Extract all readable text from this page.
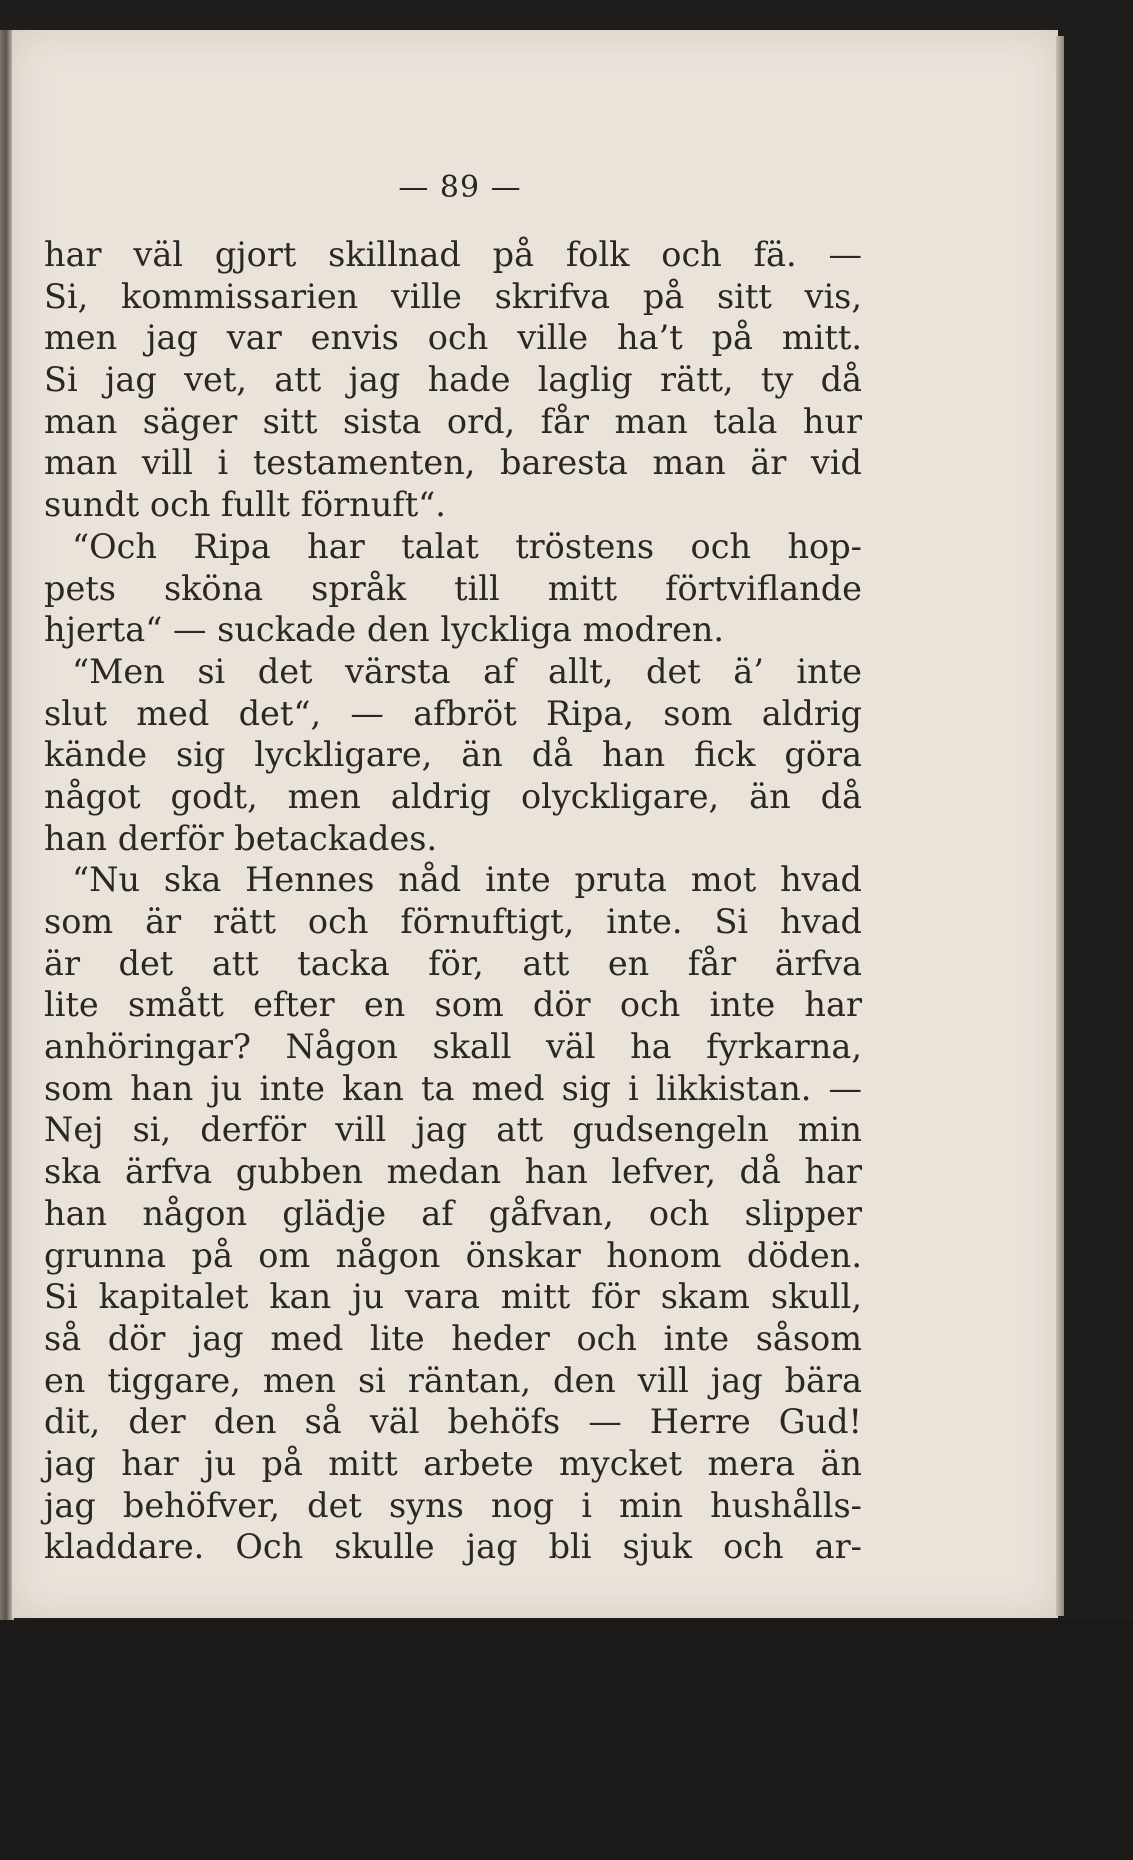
— 89 —
har väl gjort skillnad på folk och fä. —
Si, kommissarien ville skrifva på sitt vis,
men jag var envis och ville ha’t på mitt.
Si jag vet, att jag hade laglig rätt, ty då
man säger sitt sista ord, får man tala hur
man vill i testamenten, baresta man är vid
sundt och fullt förnuft“.
“Och Ripa har talat tröstens och hop-
pets sköna språk till mitt förtviflande
hjerta“ — suckade den lyckliga modren.
“Men si det värsta af allt, det ä’ inte
slut med det“, — afbröt Ripa, som aldrig
kände sig lyckligare, än då han fick göra
något godt, men aldrig olyckligare, än då
han derför betackades.
“Nu ska Hennes nåd inte pruta mot hvad
som är rätt och förnuftigt, inte. Si hvad
är det att tacka för, att en får ärfva
lite smått efter en som dör och inte har
anhöringar? Någon skall väl ha fyrkarna,
som han ju inte kan ta med sig i likkistan. —
Nej si, derför vill jag att gudsengeln min
ska ärfva gubben medan han lefver, då har
han någon glädje af gåfvan, och slipper
grunna på om någon önskar honom döden.
Si kapitalet kan ju vara mitt för skam skull,
så dör jag med lite heder och inte såsom
en tiggare, men si räntan, den vill jag bära
dit, der den så väl behöfs — Herre Gud!
jag har ju på mitt arbete mycket mera än
jag behöfver, det syns nog i min hushålls-
kladdare. Och skulle jag bli sjuk och ar-
